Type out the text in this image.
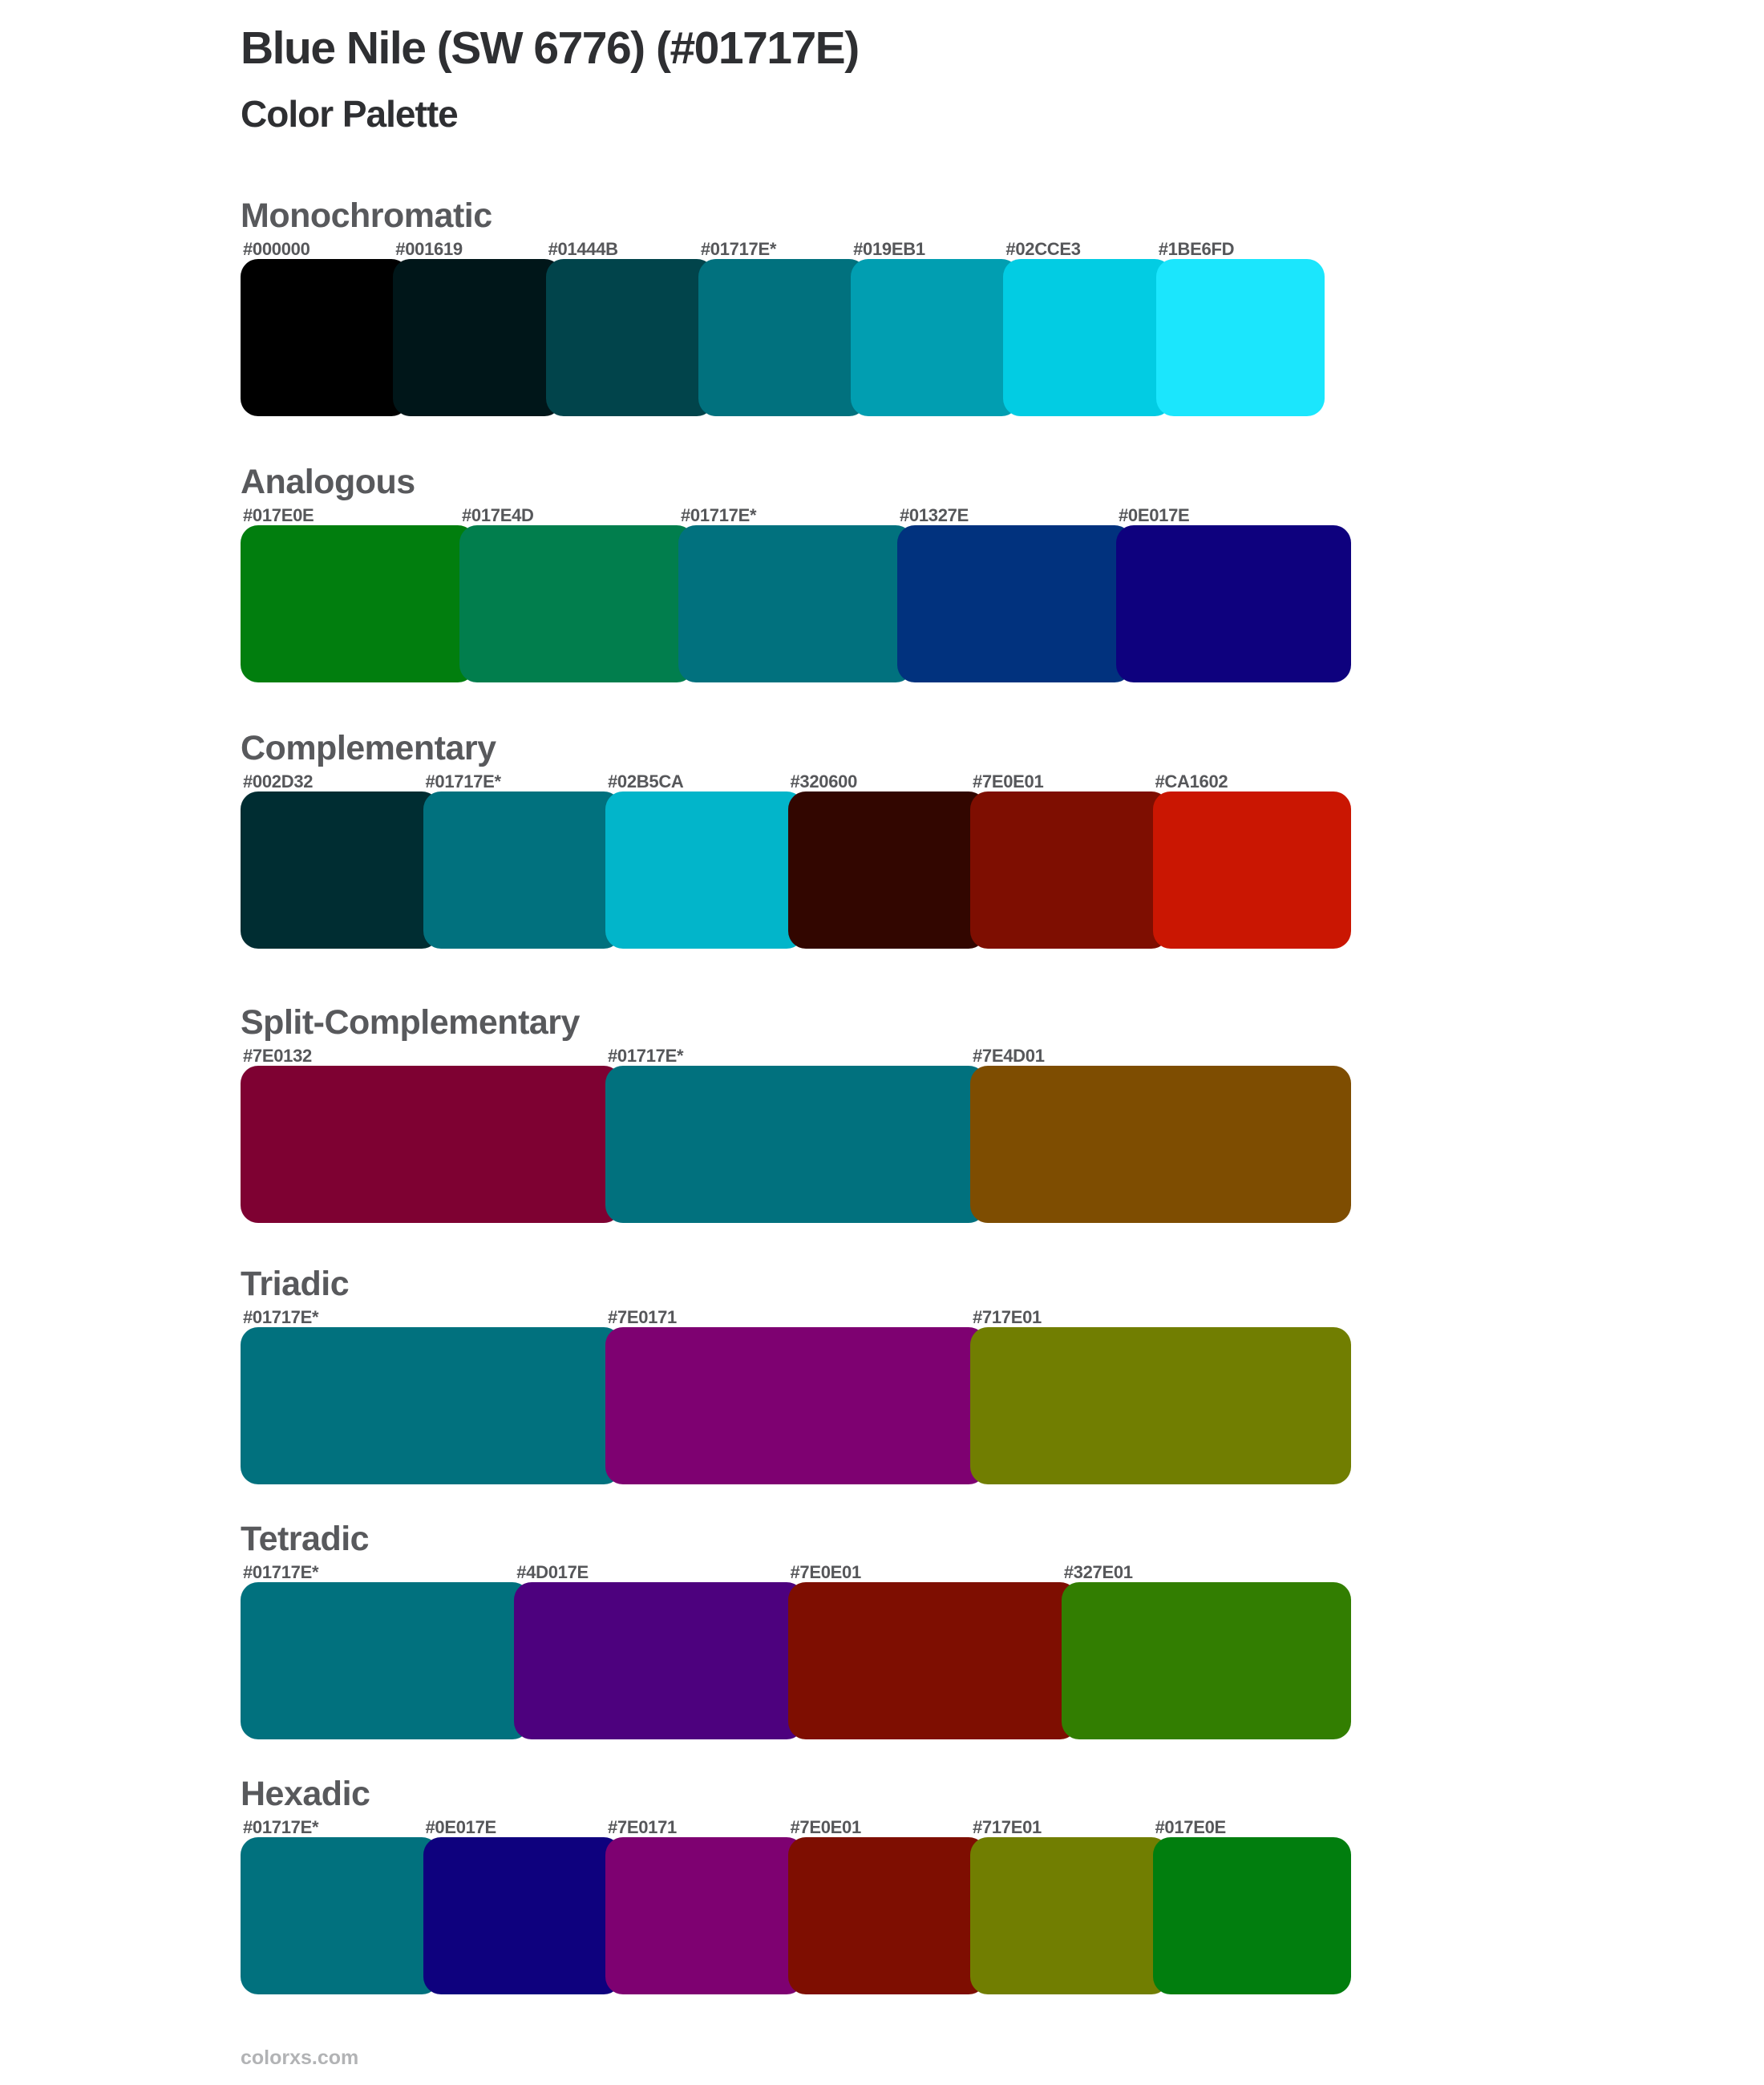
Blue Nile (SW 6776) (#01717E)
Color Palette
Monochromatic
#000000	#001619	#01444B	#01717E*	#019EB1	#02CCE3	#1BE6FD
Analogous
#017E0E	#017E4D	#01717E*	#01327E	#0E017E
Complementary
#002D32	#01717E*	#02B5CA	#320600	#7E0E01	#CA1602
Split-Complementary
#7E0132	#01717E*	#7E4D01
Triadic
#01717E*	#7E0171	#717E01
Tetradic
#01717E*	#4D017E	#7E0E01	#327E01
Hexadic
#01717E*	#0E017E	#7E0171	#7E0E01	#717E01	#017E0E
colorxs.com
